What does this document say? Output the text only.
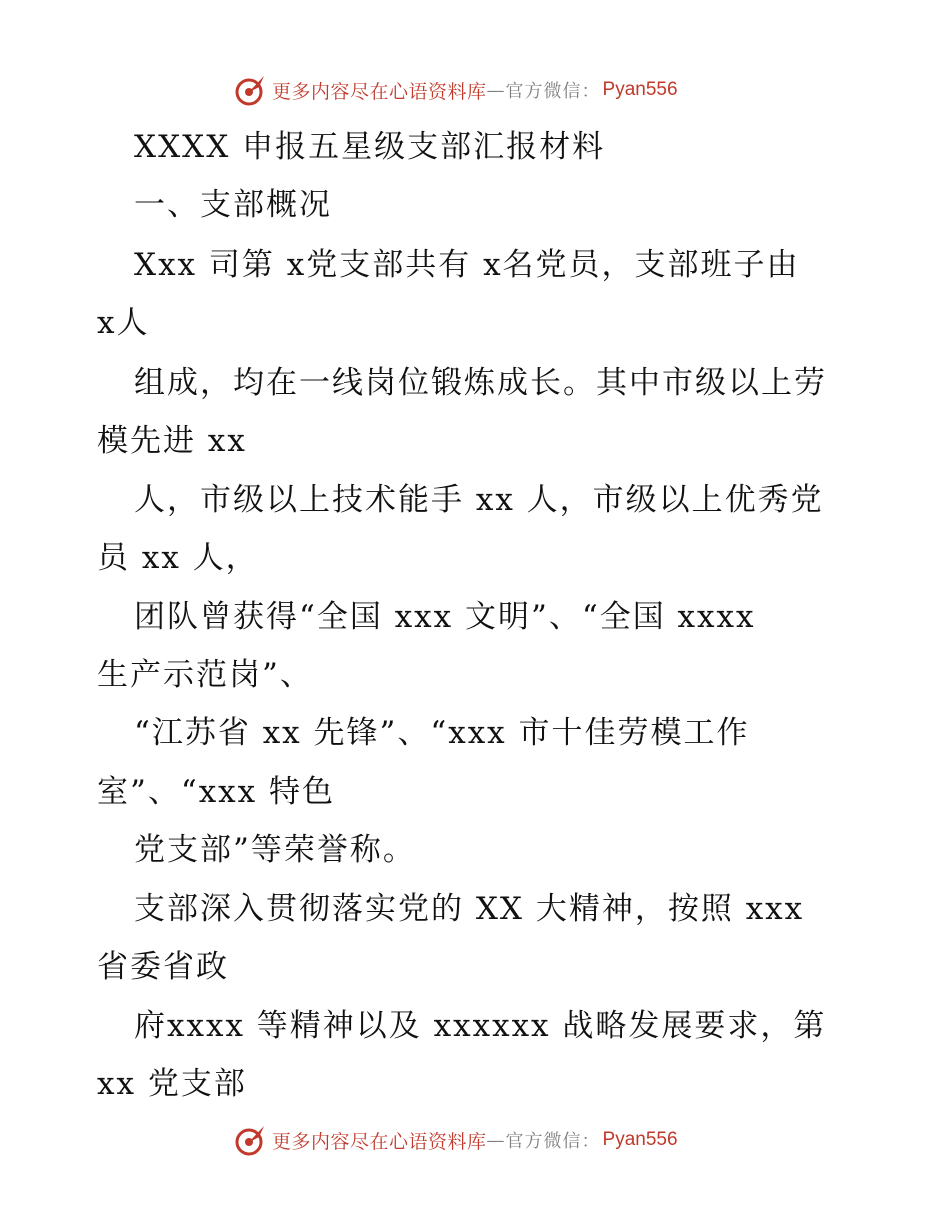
更多内容尽在心语资料库 — 官方微信： Pyan556

XXXX 申报五星级支部汇报材料

一、支部概况

Xxx 司第 x党支部共有 x名党员，支部班子由

x人

组成，均在一线岗位锻炼成长。其中市级以上劳

模先进 xx

人，市级以上技术能手 xx 人，市级以上优秀党

员 xx 人，

团队曾获得“全国 xxx 文明”、“全国 xxxx

生产示范岗”、

“江苏省 xx 先锋”、“xxx 市十佳劳模工作

室”、“xxx 特色

党支部”等荣誉称。

支部深入贯彻落实党的 XX 大精神，按照 xxx

省委省政

府xxxx 等精神以及 xxxxxx 战略发展要求，第

xx 党支部

更多内容尽在心语资料库 — 官方微信： Pyan556
